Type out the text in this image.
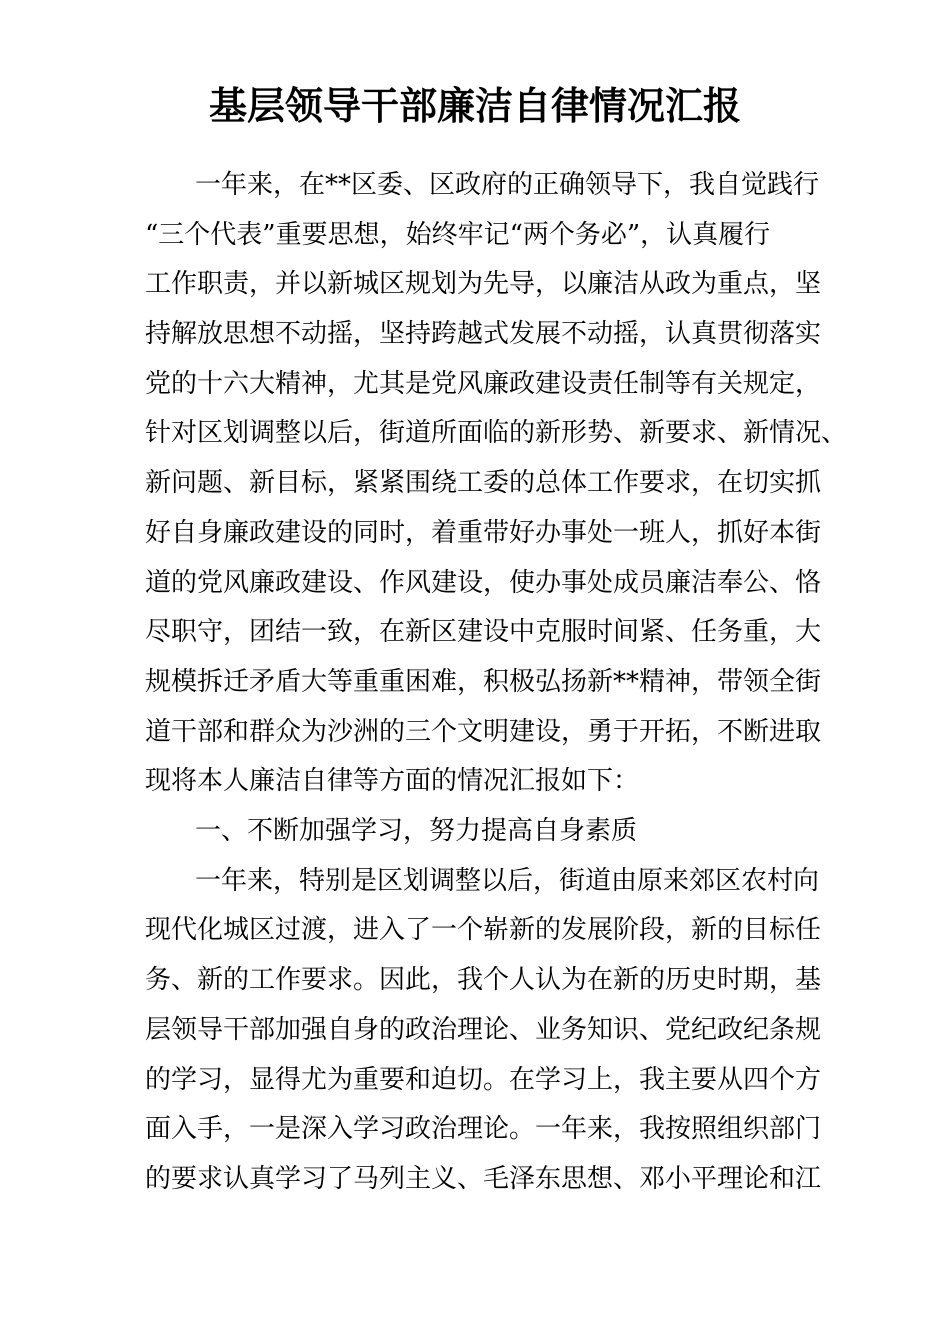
基层领导干部廉洁自律情况汇报
一年来，在**区委、区政府的正确领导下，我自觉践行
“三个代表”重要思想，始终牢记“两个务必”，认真履行
工作职责，并以新城区规划为先导，以廉洁从政为重点，坚
持解放思想不动摇，坚持跨越式发展不动摇，认真贯彻落实
党的十六大精神，尤其是党风廉政建设责任制等有关规定，
针对区划调整以后，街道所面临的新形势、新要求、新情况、
新问题、新目标，紧紧围绕工委的总体工作要求，在切实抓
好自身廉政建设的同时，着重带好办事处一班人，抓好本街
道的党风廉政建设、作风建设，使办事处成员廉洁奉公、恪
尽职守，团结一致，在新区建设中克服时间紧、任务重，大
规模拆迁矛盾大等重重困难，积极弘扬新**精神，带领全街
道干部和群众为沙洲的三个文明建设，勇于开拓，不断进取
现将本人廉洁自律等方面的情况汇报如下：
一、不断加强学习，努力提高自身素质
一年来，特别是区划调整以后，街道由原来郊区农村向
现代化城区过渡，进入了一个崭新的发展阶段，新的目标任
务、新的工作要求。因此，我个人认为在新的历史时期，基
层领导干部加强自身的政治理论、业务知识、党纪政纪条规
的学习，显得尤为重要和迫切。在学习上，我主要从四个方
面入手，一是深入学习政治理论。一年来，我按照组织部门
的要求认真学习了马列主义、毛泽东思想、邓小平理论和江
